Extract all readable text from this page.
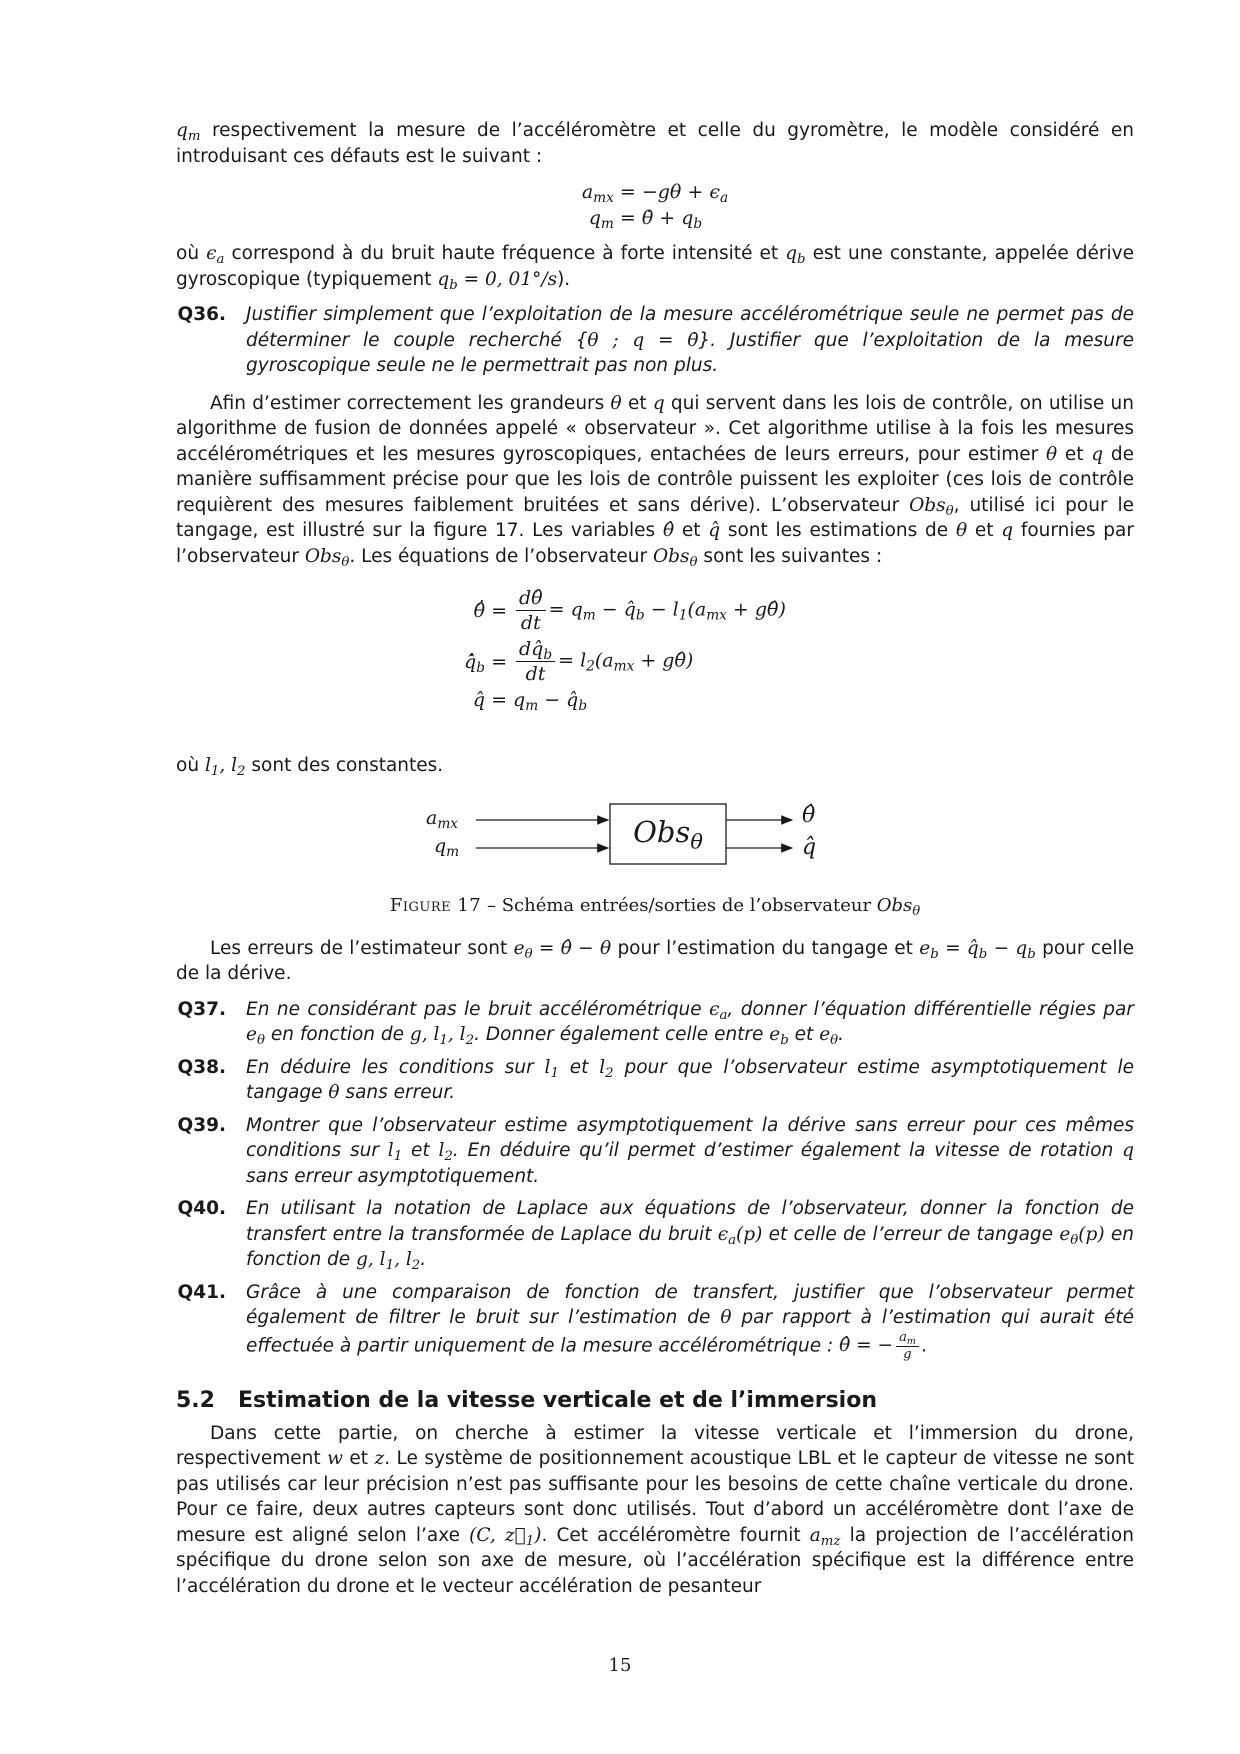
$q_m$ respectivement la mesure de l’accéléromètre et celle du gyromètre, le modèle considéré en introduisant ces défauts est le suivant :

$a_{mx}$	= $-g\theta + \epsilon_a$
$q_m$	= θ̇ + $q_b$

où $\epsilon_a$ correspond à du bruit haute fréquence à forte intensité et $q_b$ est une constante, appelée dérive gyroscopique (typiquement $q_b = 0$, 01°/s).

Q36.	Justifier simplement que l’exploitation de la mesure accélérométrique seule ne permet pas de déterminer le couple recherché {θ ; q = θ̇}. Justifier que l’exploitation de la mesure gyroscopique seule ne le permettrait pas non plus.

Afin d’estimer correctement les grandeurs θ et q qui servent dans les lois de contrôle, on utilise un algorithme de fusion de données appelé « observateur ». Cet algorithme utilise à la fois les mesures accélérométriques et les mesures gyroscopiques, entachées de leurs erreurs, pour estimer θ et q de manière suffisamment précise pour que les lois de contrôle puissent les exploiter (ces lois de contrôle requièrent des mesures faiblement bruitées et sans dérive). L’observateur Obs$_\theta$, utilisé ici pour le tangage, est illustré sur la figure 17. Les variables θ̂ et q̂ sont les estimations de θ et q fournies par l’observateur Obs$_\theta$. Les équations de l’observateur Obs$_\theta$ sont les suivantes :

θ̂̇ =	$\frac{d\thetâ}{dt} = q_m$ − $q̂_b - l_1(a_{mx}$ + gθ̂)
$q̂̇_b$ =	$\frac{dq̂_b}{dt} = l_2(a_{mx}$ + gθ̂)
q̂ =	$q_m$ − $q̂_b$

où $l_1$, $l_2$ sont des constantes.

$a_{mx}$
$q_m$
Obs$_\theta$
θ̂
q̂
Figure 17 – Schéma entrées/sorties de l’observateur Obs$_\theta$

Les erreurs de l’estimateur sont $e_\theta$ = θ̂ − θ pour l’estimation du tangage et $e_b$ = $q̂_b - q_b$ pour celle de la dérive.

Q37.	En ne considérant pas le bruit accélérométrique $\epsilon_a$, donner l’équation différentielle régies par $e_\theta$ en fonction de g, $l_1$, $l_2$. Donner également celle entre $e_b$ et $e_\theta$.
Q38.	En déduire les conditions sur $l_1$ et $l_2$ pour que l’observateur estime asymptotiquement le tangage θ sans erreur.
Q39.	Montrer que l’observateur estime asymptotiquement la dérive sans erreur pour ces mêmes conditions sur $l_1$ et $l_2$. En déduire qu’il permet d’estimer également la vitesse de rotation q sans erreur asymptotiquement.
Q40.	En utilisant la notation de Laplace aux équations de l’observateur, donner la fonction de transfert entre la transformée de Laplace du bruit $\epsilon_a(p)$ et celle de l’erreur de tangage $e_\theta(p)$ en fonction de g, $l_1$, $l_2$.
Q41.	Grâce à une comparaison de fonction de transfert, justifier que l’observateur permet également de filtrer le bruit sur l’estimation de θ par rapport à l’estimation qui aurait été effectuée à partir uniquement de la mesure accélérométrique : θ̂ = − $\frac{a_m}{g}$ .
5.2 Estimation de la vitesse verticale et de l’immersion

Dans cette partie, on cherche à estimer la vitesse verticale et l’immersion du drone, respectivement w et z. Le système de positionnement acoustique LBL et le capteur de vitesse ne sont pas utilisés car leur précision n’est pas suffisante pour les besoins de cette chaîne verticale du drone. Pour ce faire, deux autres capteurs sont donc utilisés. Tout d’abord un accéléromètre dont l’axe de mesure est aligné selon l’axe (C, $z⃗_1$). Cet accéléromètre fournit $a_{mz}$ la projection de l’accélération spécifique du drone selon son axe de mesure, où l’accélération spécifique est la différence entre l’accélération du drone et le vecteur accélération de pesanteur

15
